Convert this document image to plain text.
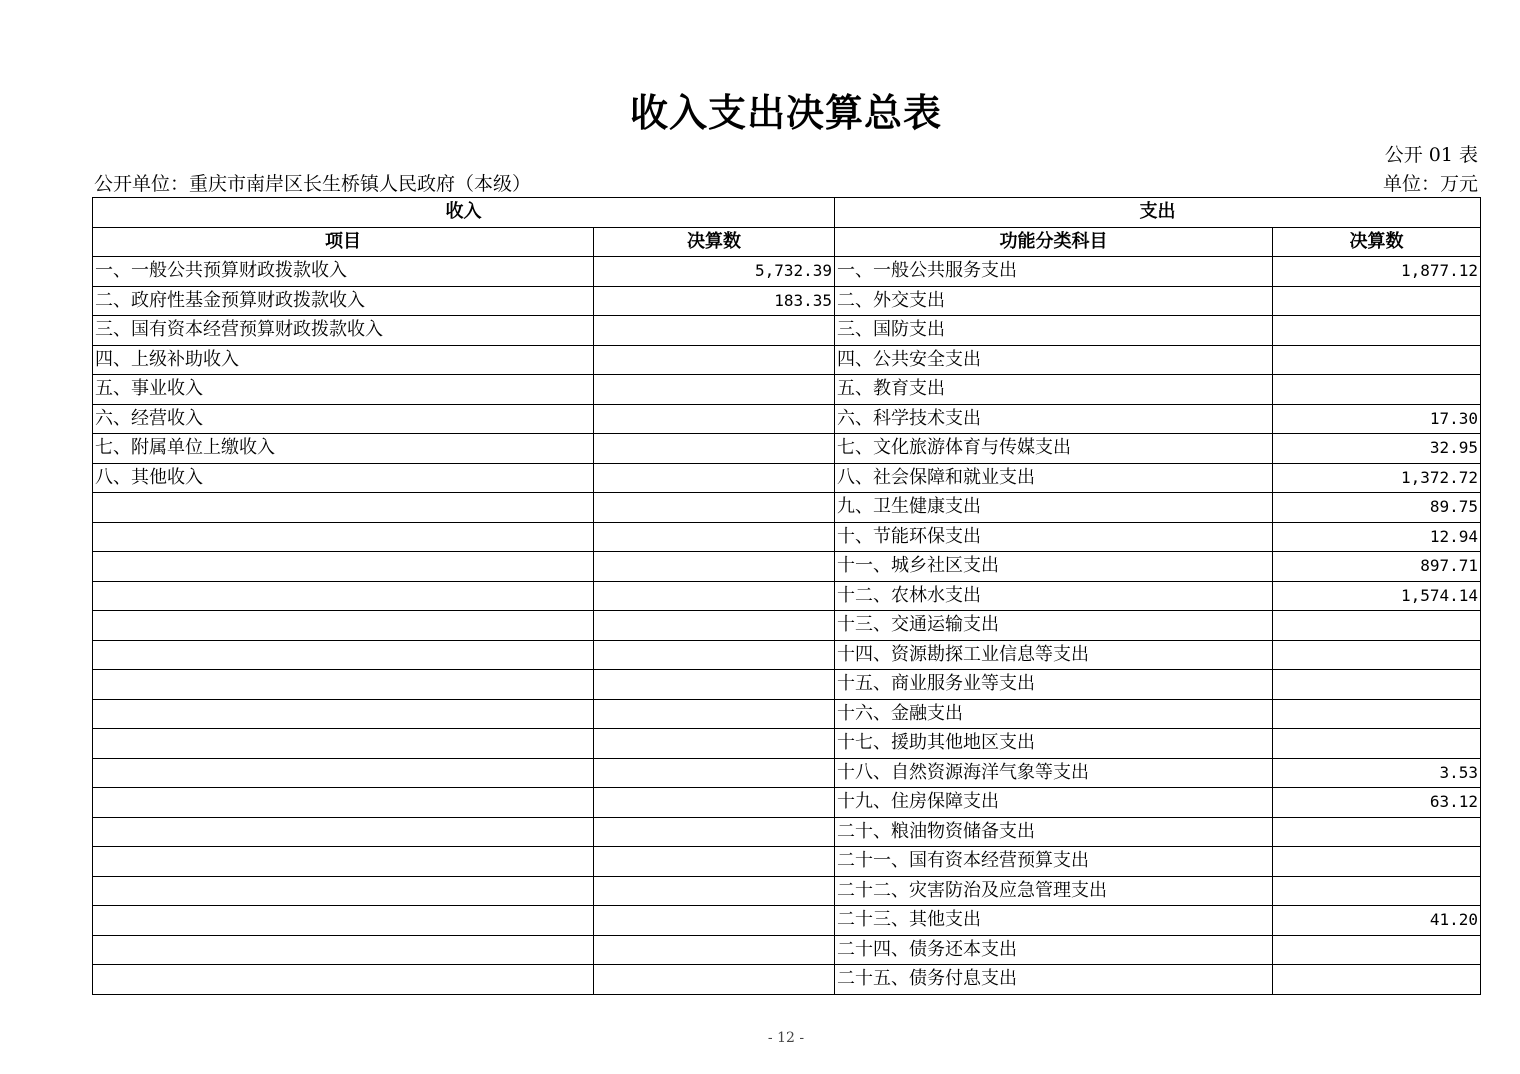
收入支出决算总表
公开 01 表
公开单位：重庆市南岸区长生桥镇人民政府（本级）	单位：万元
收入		支出	
项目	决算数	功能分类科目	决算数
一、一般公共预算财政拨款收入	5,732.39	一、一般公共服务支出	1,877.12
二、政府性基金预算财政拨款收入	183.35	二、外交支出	
三、国有资本经营预算财政拨款收入		三、国防支出	
四、上级补助收入		四、公共安全支出	
五、事业收入		五、教育支出	
六、经营收入		六、科学技术支出	17.30
七、附属单位上缴收入		七、文化旅游体育与传媒支出	32.95
八、其他收入		八、社会保障和就业支出	1,372.72
		九、卫生健康支出	89.75
		十、节能环保支出	12.94
		十一、城乡社区支出	897.71
		十二、农林水支出	1,574.14
		十三、交通运输支出	
		十四、资源勘探工业信息等支出	
		十五、商业服务业等支出	
		十六、金融支出	
		十七、援助其他地区支出	
		十八、自然资源海洋气象等支出	3.53
		十九、住房保障支出	63.12
		二十、粮油物资储备支出	
		二十一、国有资本经营预算支出	
		二十二、灾害防治及应急管理支出	
		二十三、其他支出	41.20
		二十四、债务还本支出	
		二十五、债务付息支出	
- 12 -
